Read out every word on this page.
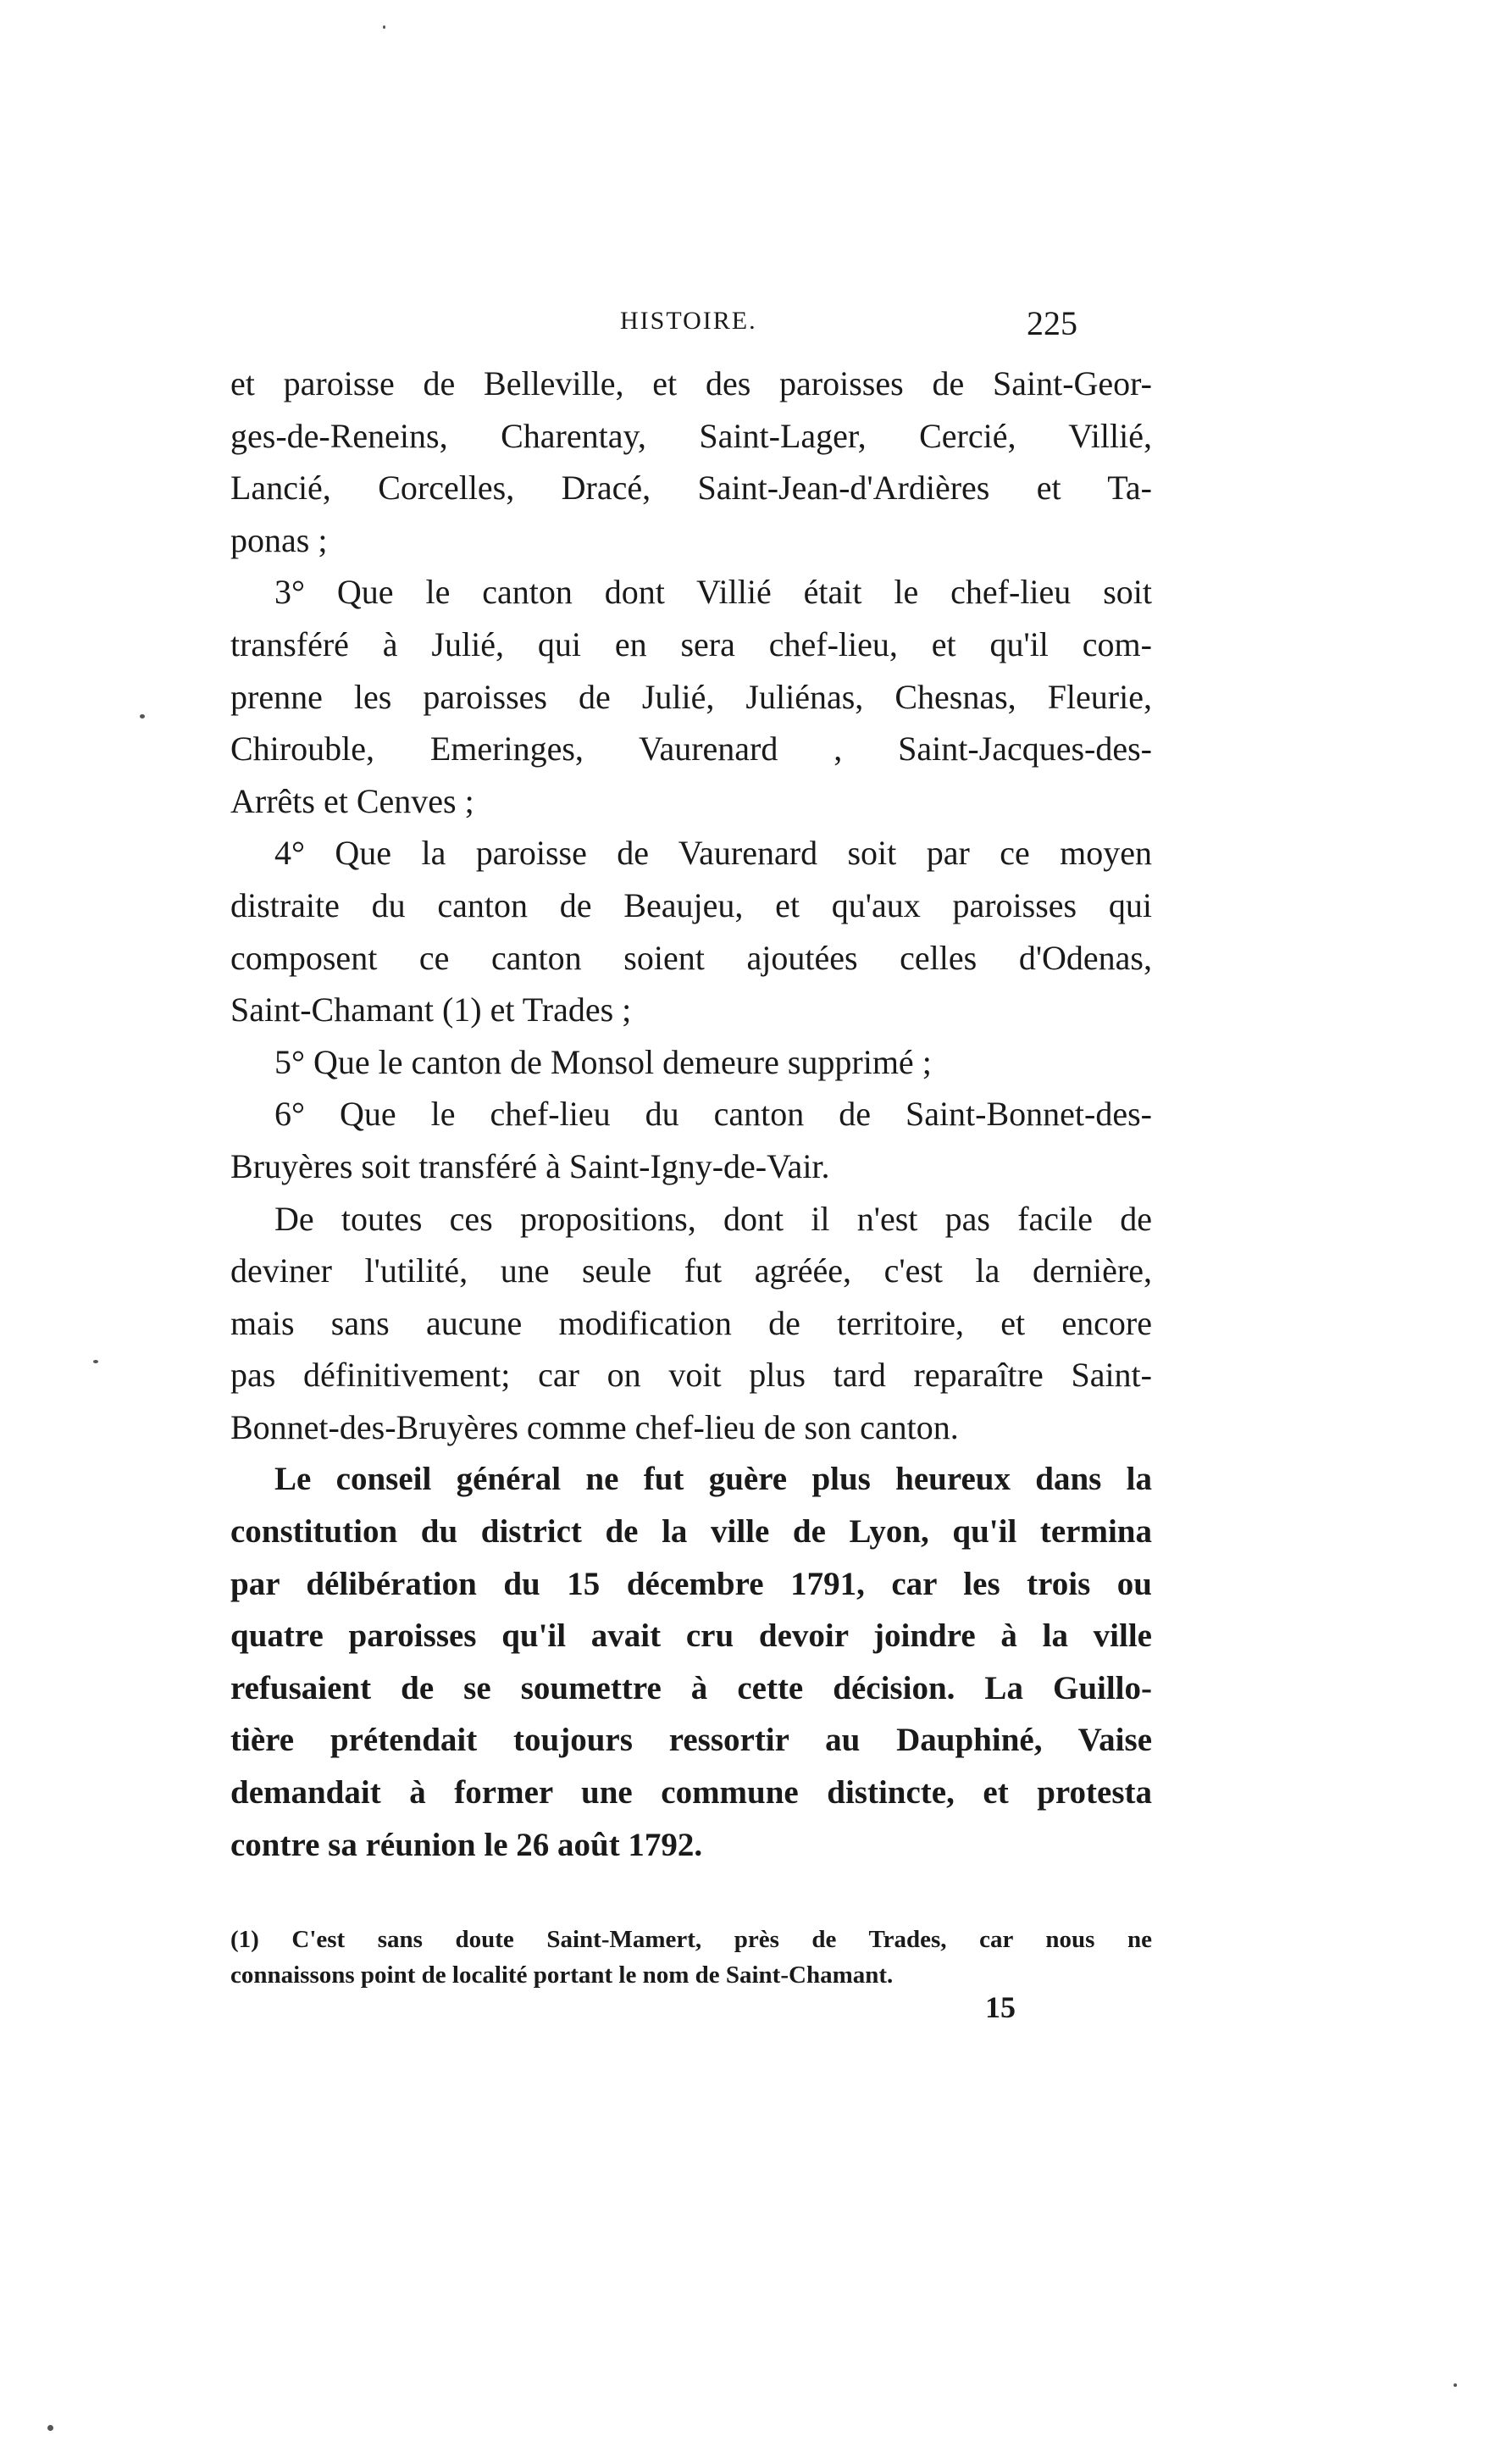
HISTOIRE.	225
et paroisse de Belleville, et des paroisses de Saint-Geor-
ges-de-Reneins, Charentay, Saint-Lager, Cercié, Villié,
Lancié, Corcelles, Dracé, Saint-Jean-d'Ardières et Ta-
ponas ;
3° Que le canton dont Villié était le chef-lieu soit
transféré à Julié, qui en sera chef-lieu, et qu'il com-
prenne les paroisses de Julié, Juliénas, Chesnas, Fleurie,
Chirouble, Emeringes, Vaurenard , Saint-Jacques-des-
Arrêts et Cenves ;
4° Que la paroisse de Vaurenard soit par ce moyen
distraite du canton de Beaujeu, et qu'aux paroisses qui
composent ce canton soient ajoutées celles d'Odenas,
Saint-Chamant (1) et Trades ;
5° Que le canton de Monsol demeure supprimé ;
6° Que le chef-lieu du canton de Saint-Bonnet-des-
Bruyères soit transféré à Saint-Igny-de-Vair.
De toutes ces propositions, dont il n'est pas facile de
deviner l'utilité, une seule fut agréée, c'est la dernière,
mais sans aucune modification de territoire, et encore
pas définitivement; car on voit plus tard reparaître Saint-
Bonnet-des-Bruyères comme chef-lieu de son canton.
Le conseil général ne fut guère plus heureux dans la
constitution du district de la ville de Lyon, qu'il termina
par délibération du 15 décembre 1791, car les trois ou
quatre paroisses qu'il avait cru devoir joindre à la ville
refusaient de se soumettre à cette décision. La Guillo-
tière prétendait toujours ressortir au Dauphiné, Vaise
demandait à former une commune distincte, et protesta
contre sa réunion le 26 août 1792.
(1) C'est sans doute Saint-Mamert, près de Trades, car nous ne
connaissons point de localité portant le nom de Saint-Chamant.
15
